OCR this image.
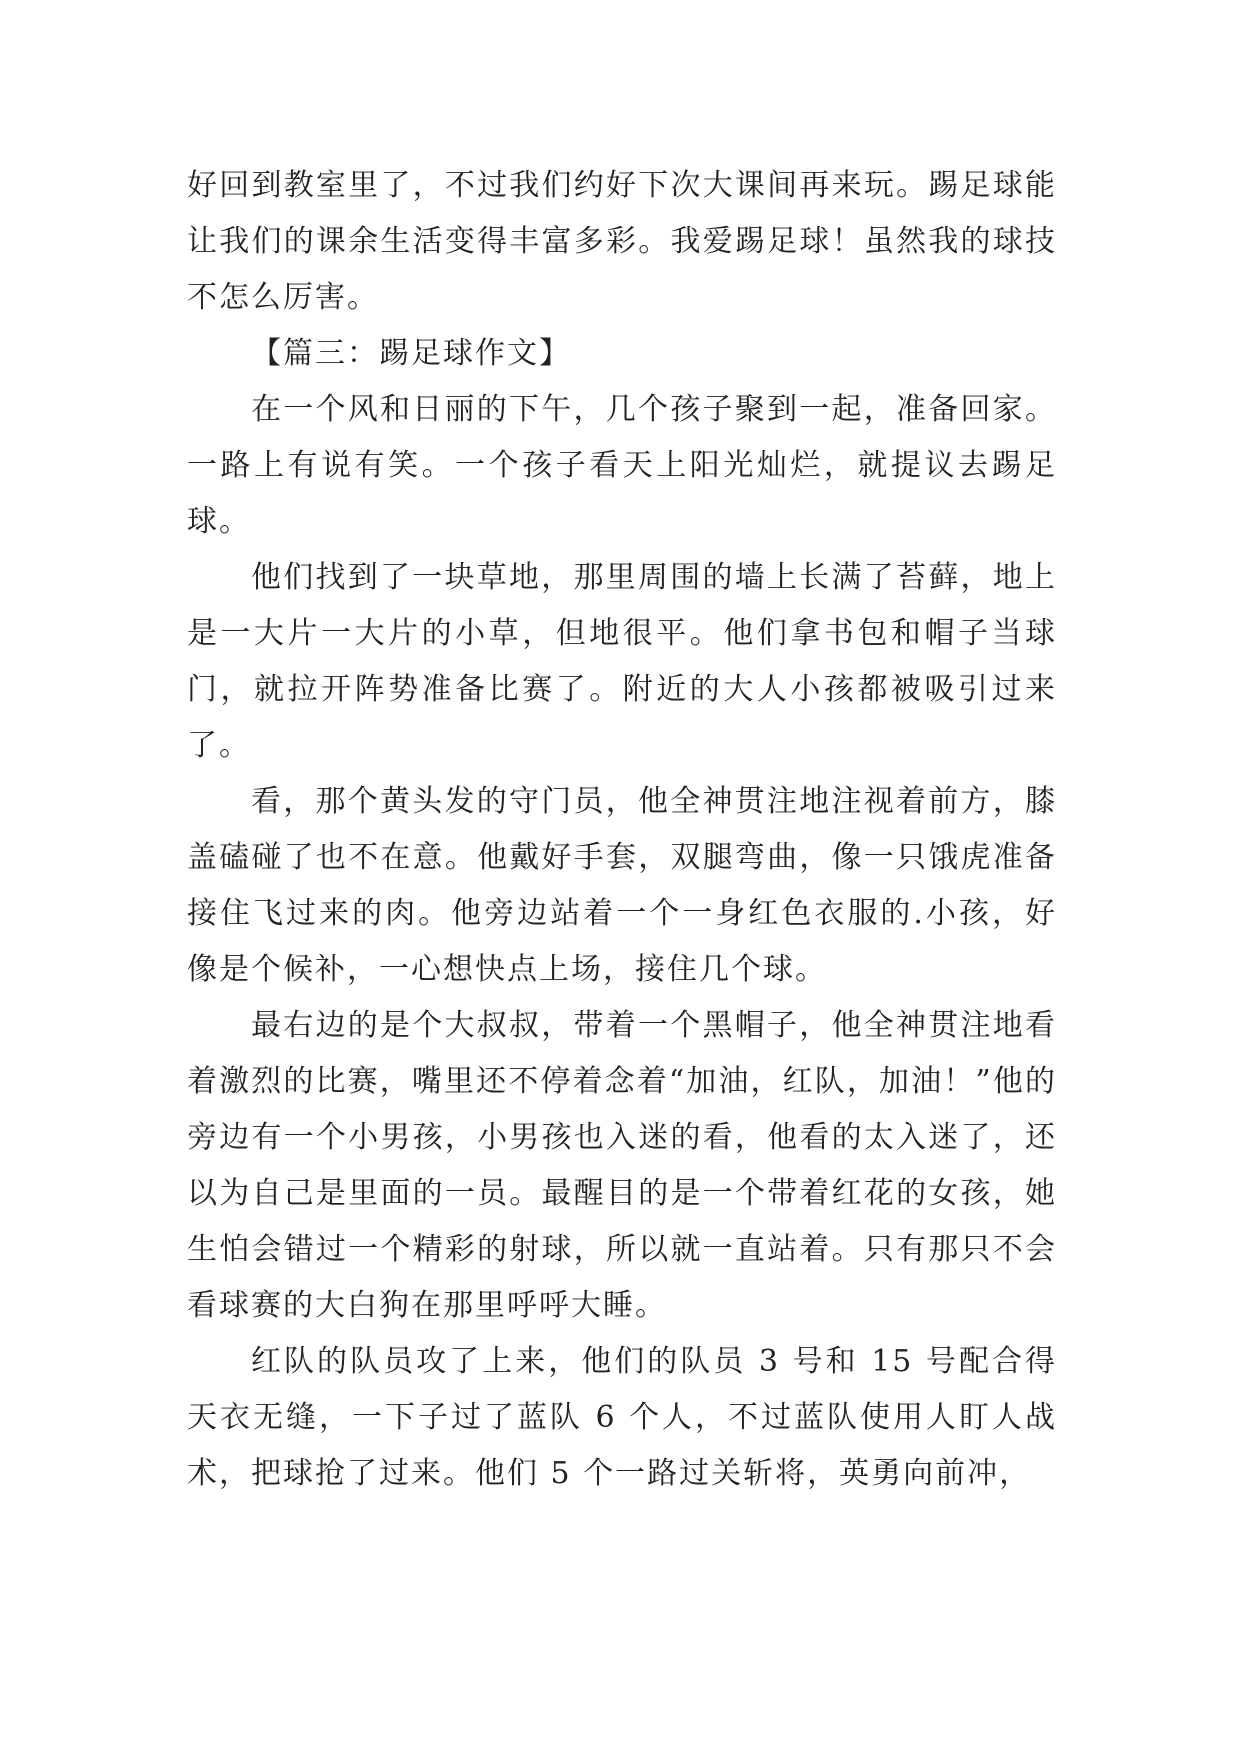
好回到教室里了，不过我们约好下次大课间再来玩。踢足球能让我们的课余生活变得丰富多彩。我爱踢足球！虽然我的球技不怎么厉害。

【篇三：踢足球作文】

在一个风和日丽的下午，几个孩子聚到一起，准备回家。一路上有说有笑。一个孩子看天上阳光灿烂，就提议去踢足球。

他们找到了一块草地，那里周围的墙上长满了苔藓，地上是一大片一大片的小草，但地很平。他们拿书包和帽子当球门，就拉开阵势准备比赛了。附近的大人小孩都被吸引过来了。

看，那个黄头发的守门员，他全神贯注地注视着前方，膝盖磕碰了也不在意。他戴好手套，双腿弯曲，像一只饿虎准备接住飞过来的肉。他旁边站着一个一身红色衣服的.小孩，好像是个候补，一心想快点上场，接住几个球。

最右边的是个大叔叔，带着一个黑帽子，他全神贯注地看着激烈的比赛，嘴里还不停着念着“加油，红队，加油！”他的旁边有一个小男孩，小男孩也入迷的看，他看的太入迷了，还以为自己是里面的一员。最醒目的是一个带着红花的女孩，她生怕会错过一个精彩的射球，所以就一直站着。只有那只不会看球赛的大白狗在那里呼呼大睡。

红队的队员攻了上来，他们的队员 3 号和 15 号配合得天衣无缝，一下子过了蓝队 6 个人，不过蓝队使用人盯人战术，把球抢了过来。他们 5 个一路过关斩将，英勇向前冲，
